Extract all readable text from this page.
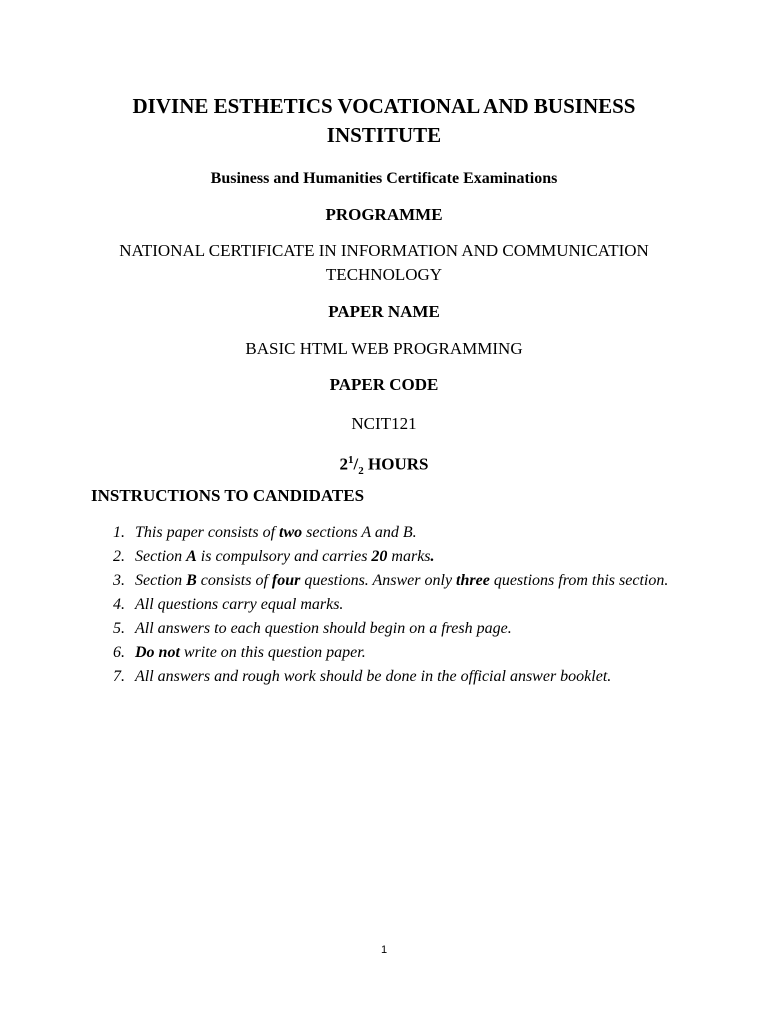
DIVINE ESTHETICS VOCATIONAL AND BUSINESS
INSTITUTE

Business and Humanities Certificate Examinations

PROGRAMME

NATIONAL CERTIFICATE IN INFORMATION AND COMMUNICATION
TECHNOLOGY

PAPER NAME

BASIC HTML WEB PROGRAMMING

PAPER CODE

NCIT121

$2^1/_2$ HOURS

INSTRUCTIONS TO CANDIDATES

1. This paper consists of two sections A and B.
2. Section A is compulsory and carries 20 marks.
3. Section B consists of four questions. Answer only three questions from this section.
4. All questions carry equal marks.
5. All answers to each question should begin on a fresh page.
6. Do not write on this question paper.
7. All answers and rough work should be done in the official answer booklet.

1
